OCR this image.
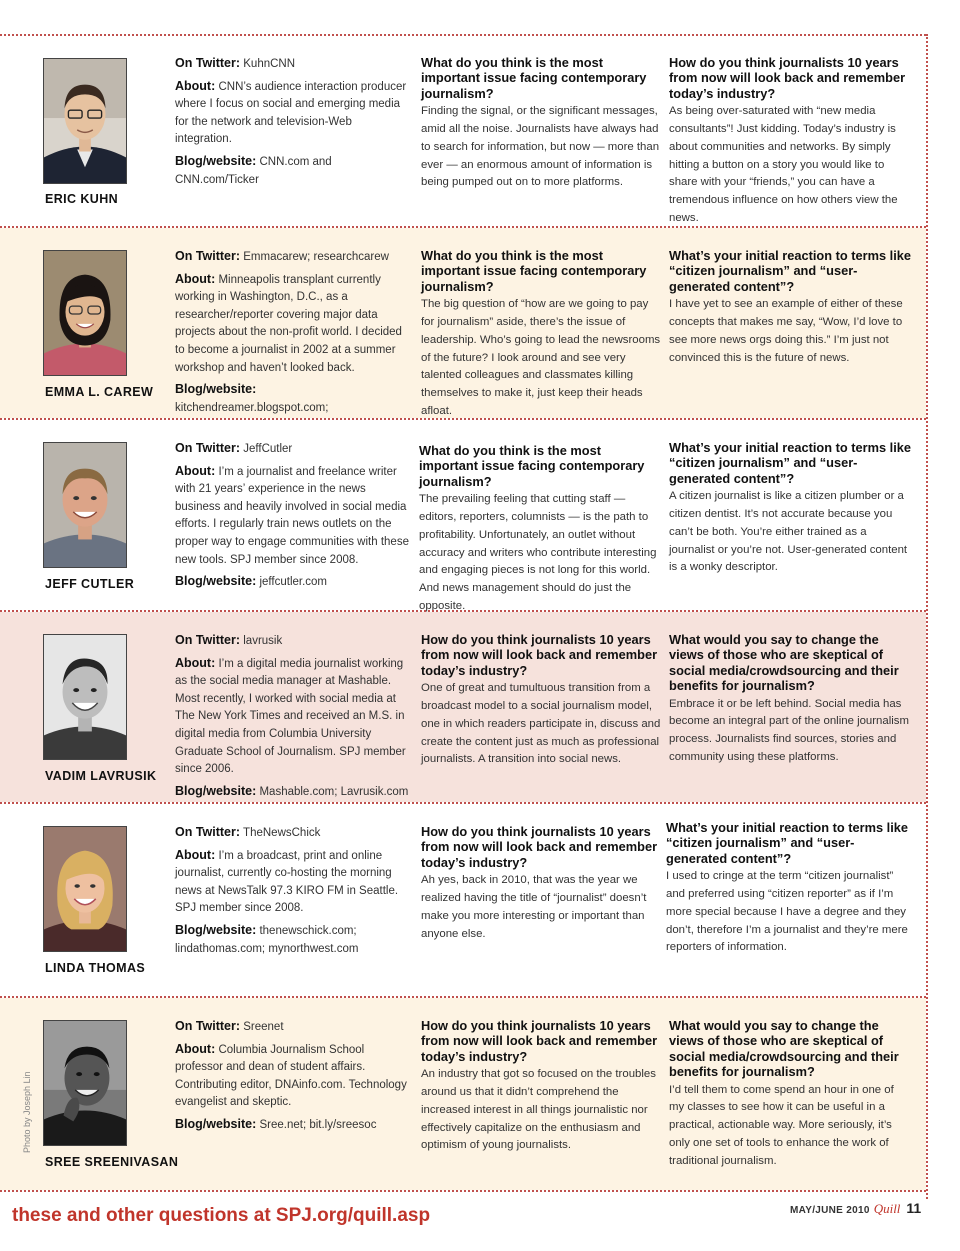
ERIC KUHN

On Twitter: KuhnCNN

About: CNN’s audience interaction producer where I focus on social and emerging media for the network and television-Web integration.

Blog/website: CNN.com and CNN.com/Ticker

What do you think is the most important issue facing contemporary journalism?

Finding the signal, or the significant messages, amid all the noise. Journalists have always had to search for information, but now — more than ever — an enormous amount of information is being pumped out on to more platforms.

How do you think journalists 10 years from now will look back and remember today’s industry?

As being over-saturated with “new media consultants”! Just kidding. Today’s industry is about communities and networks. By simply hitting a button on a story you would like to share with your “friends,” you can have a tremendous influence on how others view the news.

EMMA L. CAREW

On Twitter: Emmacarew; researchcarew

About: Minneapolis transplant currently working in Washington, D.C., as a researcher/reporter covering major data projects about the non-profit world. I decided to become a journalist in 2002 at a summer workshop and haven’t looked back.

Blog/website: kitchendreamer.blogspot.com;

What do you think is the most important issue facing contemporary journalism?

The big question of “how are we going to pay for journalism” aside, there’s the issue of leadership. Who’s going to lead the newsrooms of the future? I look around and see very talented colleagues and classmates killing themselves to make it, just keep their heads afloat.

What’s your initial reaction to terms like “citizen journalism” and “user-generated content”?

I have yet to see an example of either of these concepts that makes me say, “Wow, I’d love to see more news orgs doing this.” I’m just not convinced this is the future of news.

JEFF CUTLER

On Twitter: JeffCutler

About: I’m a journalist and freelance writer with 21 years’ experience in the news business and heavily involved in social media efforts. I regularly train news outlets on the proper way to engage communities with these new tools. SPJ member since 2008.

Blog/website: jeffcutler.com

What do you think is the most important issue facing contemporary journalism?

The prevailing feeling that cutting staff — editors, reporters, columnists — is the path to profitability. Unfortunately, an outlet without accuracy and writers who contribute interesting and engaging pieces is not long for this world. And news management should do just the opposite.

What’s your initial reaction to terms like “citizen journalism” and “user-generated content”?

A citizen journalist is like a citizen plumber or a citizen dentist. It’s not accurate because you can’t be both. You’re either trained as a journalist or you’re not. User-generated content is a wonky descriptor.

VADIM LAVRUSIK

On Twitter: lavrusik

About: I’m a digital media journalist working as the social media manager at Mashable. Most recently, I worked with social media at The New York Times and received an M.S. in digital media from Columbia University Graduate School of Journalism. SPJ member since 2006.

Blog/website: Mashable.com; Lavrusik.com

How do you think journalists 10 years from now will look back and remember today’s industry?

One of great and tumultuous transition from a broadcast model to a social journalism model, one in which readers participate in, discuss and create the content just as much as professional journalists. A transition into social news.

What would you say to change the views of those who are skeptical of social media/crowdsourcing and their benefits for journalism?

Embrace it or be left behind. Social media has become an integral part of the online journalism process. Journalists find sources, stories and community using these platforms.

LINDA THOMAS

On Twitter: TheNewsChick

About: I’m a broadcast, print and online journalist, currently co-hosting the morning news at NewsTalk 97.3 KIRO FM in Seattle. SPJ member since 2008.

Blog/website: thenewschick.com; lindathomas.com; mynorthwest.com

How do you think journalists 10 years from now will look back and remember today’s industry?

Ah yes, back in 2010, that was the year we realized having the title of “journalist” doesn’t make you more interesting or important than anyone else.

What’s your initial reaction to terms like “citizen journalism” and “user-generated content”?

I used to cringe at the term “citizen journalist” and preferred using “citizen reporter” as if I’m more special because I have a degree and they don’t, therefore I’m a journalist and they’re mere reporters of information.

SREE SREENIVASAN

On Twitter: Sreenet

About: Columbia Journalism School professor and dean of student affairs. Contributing editor, DNAinfo.com. Technology evangelist and skeptic.

Blog/website: Sree.net; bit.ly/sreesoc

How do you think journalists 10 years from now will look back and remember today’s industry?

An industry that got so focused on the troubles around us that it didn’t comprehend the increased interest in all things journalistic nor effectively capitalize on the enthusiasm and optimism of young journalists.

What would you say to change the views of those who are skeptical of social media/crowdsourcing and their benefits for journalism?

I’d tell them to come spend an hour in one of my classes to see how it can be useful in a practical, actionable way. More seriously, it’s only one set of tools to enhance the work of traditional journalism.

Photo by Joseph Lin
these and other questions at SPJ.org/quill.asp	MAY/JUNE 2010 Quill 11
